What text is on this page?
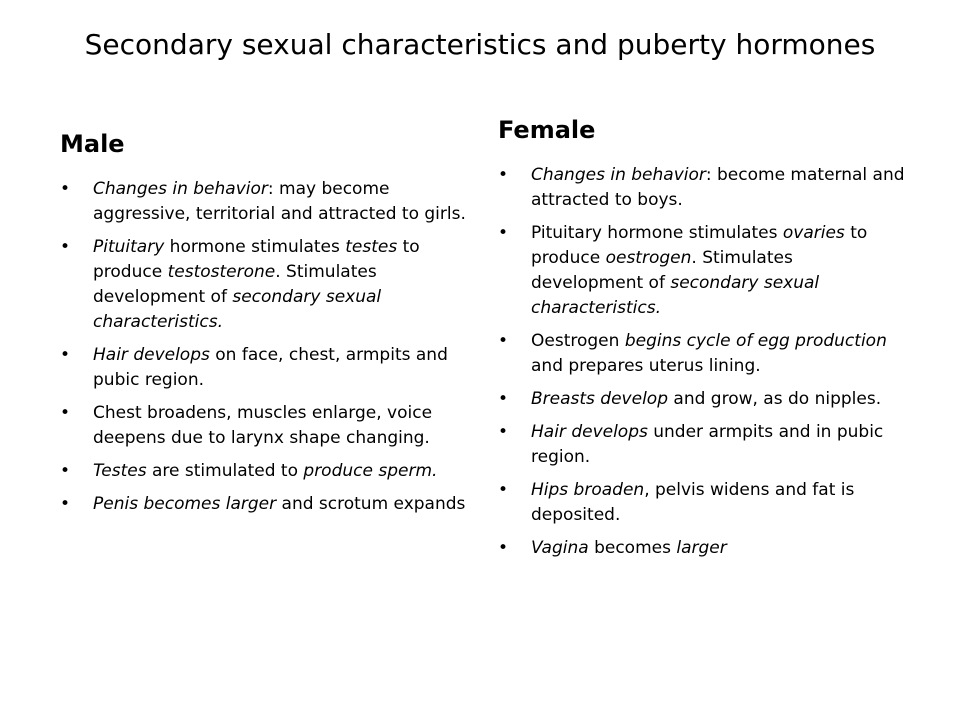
Secondary sexual characteristics and puberty hormones
Male
•	Changes in behavior: may become aggressive, territorial and attracted to girls.
•	Pituitary hormone stimulates testes to produce testosterone. Stimulates development of secondary sexual characteristics.
•	Hair develops on face, chest, armpits and pubic region.
•	Chest broadens, muscles enlarge, voice deepens due to larynx shape changing.
•	Testes are stimulated to produce sperm.
•	Penis becomes larger and scrotum expands
Female
•	Changes in behavior: become maternal and attracted to boys.
•	Pituitary hormone stimulates ovaries to produce oestrogen. Stimulates development of secondary sexual characteristics.
•	Oestrogen begins cycle of egg production and prepares uterus lining.
•	Breasts develop and grow, as do nipples.
•	Hair develops under armpits and in pubic region.
•	Hips broaden, pelvis widens and fat is deposited.
•	Vagina becomes larger
